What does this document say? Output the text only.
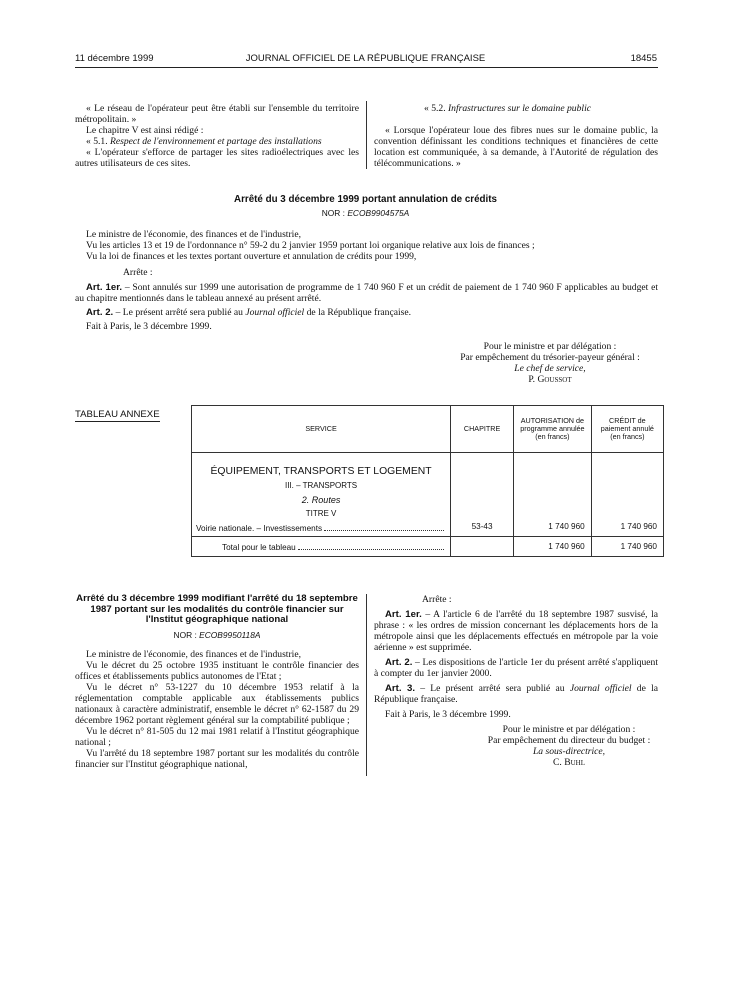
11 décembre 1999	JOURNAL OFFICIEL DE LA RÉPUBLIQUE FRANÇAISE	18455

« Le réseau de l'opérateur peut être établi sur l'ensemble du territoire métropolitain. »

Le chapitre V est ainsi rédigé :

« 5.1. Respect de l'environnement et partage des installations

« L'opérateur s'efforce de partager les sites radioélectriques avec les autres utilisateurs de ces sites.

« 5.2. Infrastructures sur le domaine public

« Lorsque l'opérateur loue des fibres nues sur le domaine public, la convention définissant les conditions techniques et financières de cette location est communiquée, à sa demande, à l'Autorité de régulation des télécommunications. »

Arrêté du 3 décembre 1999 portant annulation de crédits
NOR : ECOB9904575A

Le ministre de l'économie, des finances et de l'industrie,

Vu les articles 13 et 19 de l'ordonnance n° 59-2 du 2 janvier 1959 portant loi organique relative aux lois de finances ;

Vu la loi de finances et les textes portant ouverture et annulation de crédits pour 1999,

Arrête :

Art. 1er. – Sont annulés sur 1999 une autorisation de programme de 1 740 960 F et un crédit de paiement de 1 740 960 F applicables au budget et au chapitre mentionnés dans le tableau annexé au présent arrêté.

Art. 2. – Le présent arrêté sera publié au Journal officiel de la République française.

Fait à Paris, le 3 décembre 1999.

Pour le ministre et par délégation :

Par empêchement du trésorier-payeur général :

Le chef de service,

P. Goussot

TABLEAU ANNEXE
SERVICE	CHAPITRE	AUTORISATION de programme annulée (en francs)	CRÉDIT de paiement annulé (en francs)

ÉQUIPEMENT, TRANSPORTS ET LOGEMENT
III. – TRANSPORTS
2. Routes
TITRE V
Voirie nationale. – Investissements	53-43	1 740 960	1 740 960

Total pour le tableau		1 740 960	1 740 960

Arrêté du 3 décembre 1999 modifiant l'arrêté du 18 septembre 1987 portant sur les modalités du contrôle financier sur l'Institut géographique national

NOR : ECOB9950118A

Le ministre de l'économie, des finances et de l'industrie,

Vu le décret du 25 octobre 1935 instituant le contrôle financier des offices et établissements publics autonomes de l'Etat ;

Vu le décret n° 53-1227 du 10 décembre 1953 relatif à la réglementation comptable applicable aux établissements publics nationaux à caractère administratif, ensemble le décret n° 62-1587 du 29 décembre 1962 portant règlement général sur la comptabilité publique ;

Vu le décret n° 81-505 du 12 mai 1981 relatif à l'Institut géographique national ;

Vu l'arrêté du 18 septembre 1987 portant sur les modalités du contrôle financier sur l'Institut géographique national,

Arrête :

Art. 1er. – A l'article 6 de l'arrêté du 18 septembre 1987 susvisé, la phrase : « les ordres de mission concernant les déplacements hors de la métropole ainsi que les déplacements effectués en métropole par la voie aérienne » est supprimée.

Art. 2. – Les dispositions de l'article 1er du présent arrêté s'appliquent à compter du 1er janvier 2000.

Art. 3. – Le présent arrêté sera publié au Journal officiel de la République française.

Fait à Paris, le 3 décembre 1999.

Pour le ministre et par délégation :

Par empêchement du directeur du budget :

La sous-directrice,

C. Buhl
